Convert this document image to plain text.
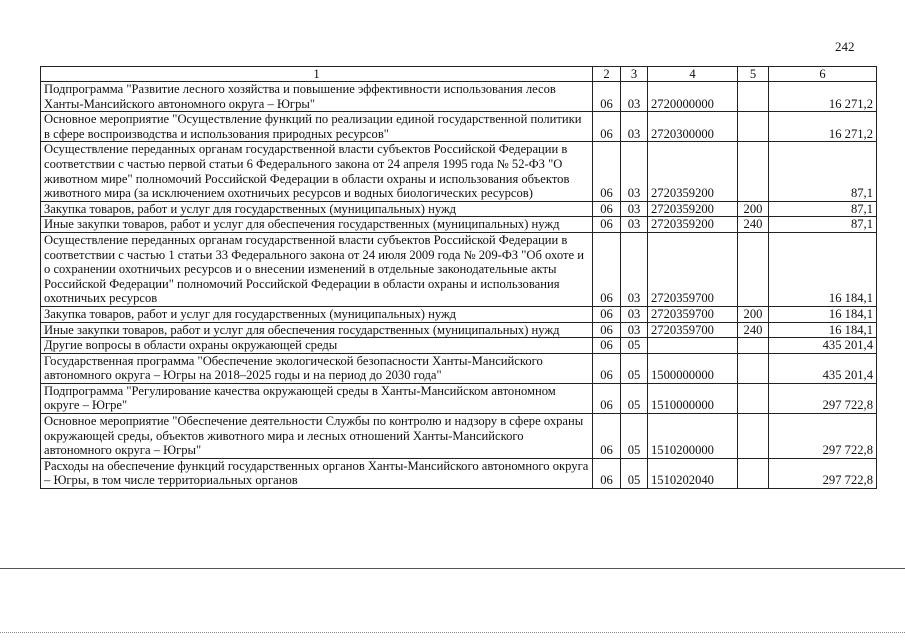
242
1	2	3	4	5	6
Подпрограмма "Развитие лесного хозяйства и повышение эффективности использования лесов Ханты-Мансийского автономного округа – Югры"	06	03	2720000000		16 271,2
Основное мероприятие "Осуществление функций по реализации единой государственной политики в сфере воспроизводства и использования природных ресурсов"	06	03	2720300000		16 271,2
Осуществление переданных органам государственной власти субъектов Российской Федерации в соответствии с частью первой статьи 6 Федерального закона от 24 апреля 1995 года № 52-ФЗ "О животном мире" полномочий Российской Федерации в области охраны и использования объектов животного мира (за исключением охотничьих ресурсов и водных биологических ресурсов)	06	03	2720359200		87,1
Закупка товаров, работ и услуг для государственных (муниципальных) нужд	06	03	2720359200	200	87,1
Иные закупки товаров, работ и услуг для обеспечения государственных (муниципальных) нужд	06	03	2720359200	240	87,1
Осуществление переданных органам государственной власти субъектов Российской Федерации в соответствии с частью 1 статьи 33 Федерального закона от 24 июля 2009 года № 209-ФЗ "Об охоте и о сохранении охотничьих ресурсов и о внесении изменений в отдельные законодательные акты Российской Федерации" полномочий Российской Федерации в области охраны и использования охотничьих ресурсов	06	03	2720359700		16 184,1
Закупка товаров, работ и услуг для государственных (муниципальных) нужд	06	03	2720359700	200	16 184,1
Иные закупки товаров, работ и услуг для обеспечения государственных (муниципальных) нужд	06	03	2720359700	240	16 184,1
Другие вопросы в области охраны окружающей среды	06	05			435 201,4
Государственная программа "Обеспечение экологической безопасности Ханты-Мансийского автономного округа – Югры на 2018–2025 годы и на период до 2030 года"	06	05	1500000000		435 201,4
Подпрограмма "Регулирование качества окружающей среды в Ханты-Мансийском автономном округе – Югре"	06	05	1510000000		297 722,8
Основное мероприятие "Обеспечение деятельности Службы по контролю и надзору в сфере охраны окружающей среды, объектов животного мира и лесных отношений Ханты-Мансийского автономного округа – Югры"	06	05	1510200000		297 722,8
Расходы на обеспечение функций государственных органов Ханты-Мансийского автономного округа – Югры, в том числе территориальных органов	06	05	1510202040		297 722,8
